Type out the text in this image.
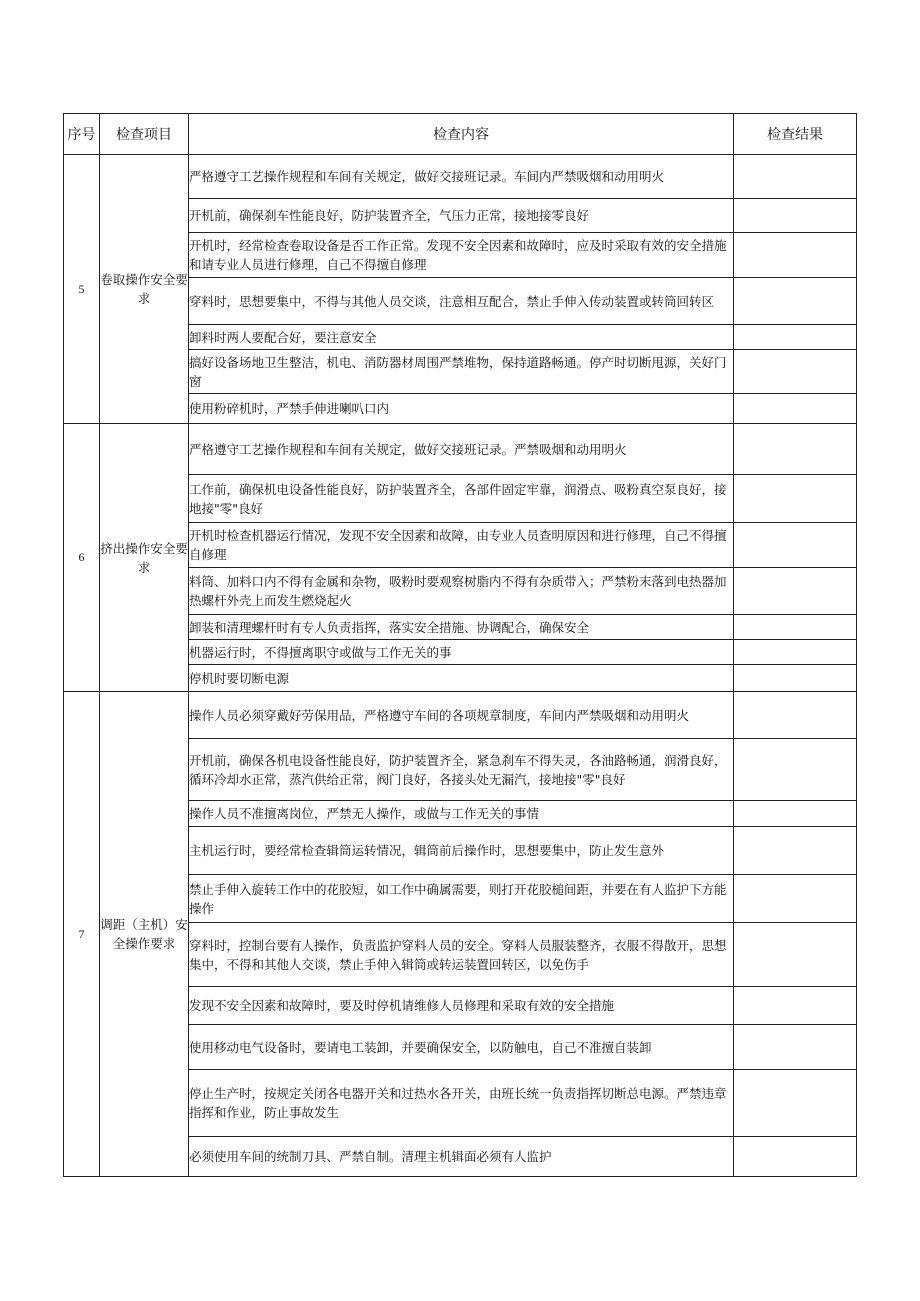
序号	检查项目	检查内容	检查结果
5	卷取操作安全要求	严格遵守工艺操作规程和车间有关规定，做好交接班记录。车间内严禁吸烟和动用明火	
		开机前，确保刹车性能良好，防护装置齐全，气压力正常，接地接零良好	
		开机时，经常检查卷取设备是否工作正常。发现不安全因素和故障时，应及时采取有效的安全措施和请专业人员进行修理，自己不得擅自修理	
		穿料时，思想要集中，不得与其他人员交谈，注意相互配合，禁止手伸入传动装置或转筒回转区	
		卸料时两人要配合好，要注意安全	
		搞好设备场地卫生整洁，机电、消防器材周围严禁堆物，保持道路畅通。停产时切断甩源，关好门窗	
		使用粉碎机时，严禁手伸进喇叭口内	
6	挤出操作安全要求	严格遵守工艺操作规程和车间有关规定，做好交接班记录。严禁吸烟和动用明火	
		工作前，确保机电设备性能良好，防护装置齐全，各部件固定牢靠，润滑点、吸粉真空泵良好，接地接"零"良好	
		开机时检查机器运行情况，发现不安全因素和故障，由专业人员查明原因和进行修理，自己不得擅自修理	
		料筒、加料口内不得有金属和杂物，吸粉时要观察树脂内不得有杂质带入；严禁粉末落到电热器加热螺杆外壳上而发生燃烧起火	
		卸装和清理螺杆时有专人负责指挥，落实安全措施、协调配合，确保安全	
		机器运行时，不得擅离职守或做与工作无关的事	
		停机时要切断电源	
7	调距（主机）安全操作要求	操作人员必须穿戴好劳保用品，严格遵守车间的各项规章制度，车间内严禁吸烟和动用明火	
		开机前，确保各机电设备性能良好，防护装置齐全，紧急刹车不得失灵，各油路畅通，润滑良好，循环冷却水正常，蒸汽供给正常，阀门良好，各接头处无漏汽，接地接"零"良好	
		操作人员不准擅离岗位，严禁无人操作，或做与工作无关的事情	
		主机运行时，要经常检查辑筒运转情况，辑筒前后操作时，思想要集中，防止发生意外	
		禁止手伸入旋转工作中的花胶短，如工作中确属需要，则打开花胶槌间距，并要在有人监护下方能操作	
		穿料时，控制台要有人操作，负责监护穿料人员的安全。穿料人员服装整齐，衣服不得散开，思想集中，不得和其他人交谈，禁止手伸入辑筒或转运装置回转区，以免伤手	
		发现不安全因素和故障时，要及时停机请维修人员修理和采取有效的安全措施	
		使用移动电气设备时，要请电工装卸，并要确保安全，以防触电，自己不准擅自装卸	
		停止生产时，按规定关闭各电器开关和过热水各开关，由班长统一负责指挥切断总电源。严禁违章指挥和作业，防止事故发生	
		必须使用车间的统制刀具、严禁自制。清理主机辑面必须有人监护	
